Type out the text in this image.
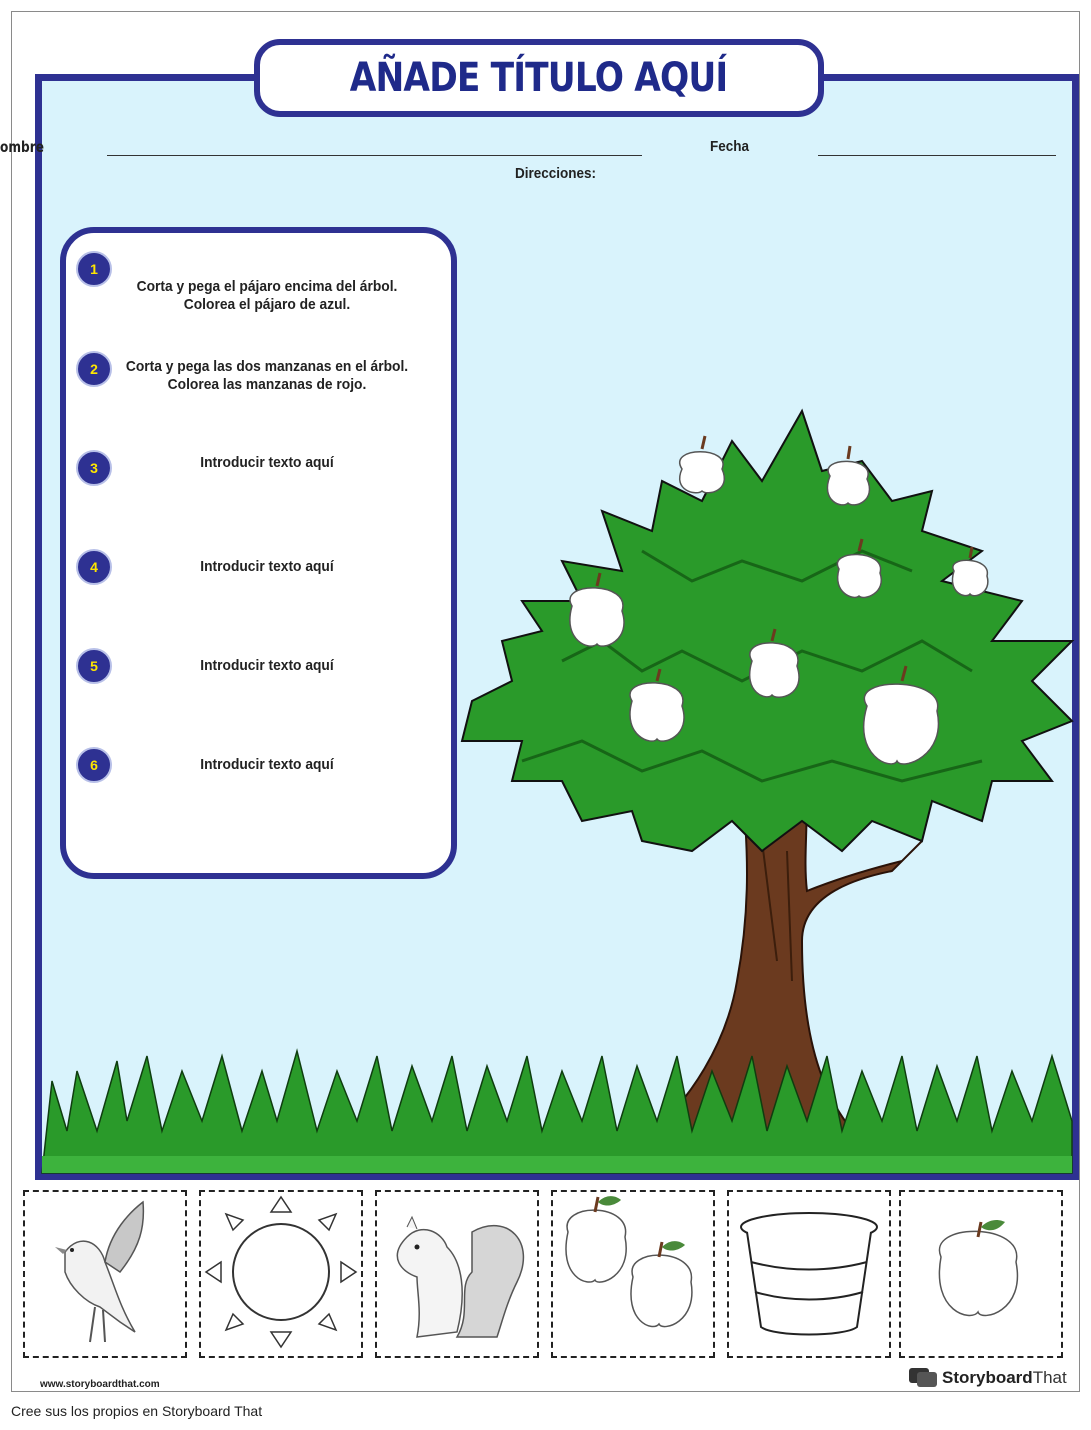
AÑADE TÍTULO AQUÍ
ombre	Fecha
Direcciones:
1
Corta y pega el pájaro encima del árbol.
Colorea el pájaro de azul.
2	Corta y pega las dos manzanas en el árbol.
Colorea las manzanas de rojo.
3	Introducir texto aquí
4	Introducir texto aquí
5	Introducir texto aquí
6	Introducir texto aquí
www.storyboardthat.com	StoryboardThat
Cree sus los propios en Storyboard That
